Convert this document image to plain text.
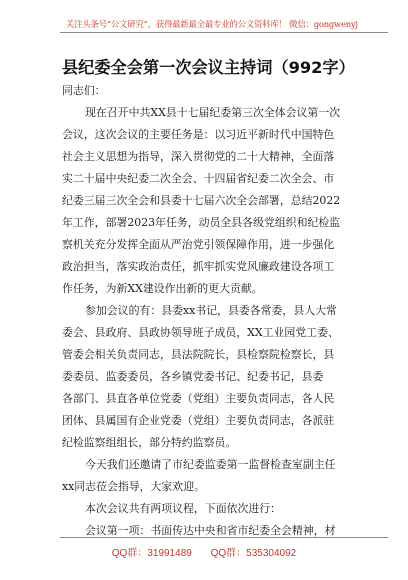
关注头条号“公文研究”，获得最新最全最专业的公文资料库！ 微信：gongwenyj
县纪委全会第一次会议主持词（992字）
同志们：
现在召开中共XX县十七届纪委第三次全体会议第一次
会议，这次会议的主要任务是：以习近平新时代中国特色
社会主义思想为指导，深入贯彻党的二十大精神，全面落
实二十届中央纪委二次全会、十四届省纪委二次全会、市
纪委三届三次全会和县委十七届六次全会部署，总结2022
年工作，部署2023年任务，动员全县各级党组织和纪检监
察机关充分发挥全面从严治党引领保障作用，进一步强化
政治担当，落实政治责任，抓牢抓实党风廉政建设各项工
作任务，为新XX建设作出新的更大贡献。
参加会议的有：县委xx书记，县委各常委，县人大常
委会、县政府、县政协领导班子成员，XX工业园党工委、
管委会相关负责同志，县法院院长，县检察院检察长，县
委委员、监委委员，各乡镇党委书记、纪委书记，县委
各部门、县直各单位党委（党组）主要负责同志，各人民
团体、县属国有企业党委（党组）主要负责同志，各派驻
纪检监察组组长，部分特约监察员。
今天我们还邀请了市纪委监委第一监督检查室副主任
xx同志莅会指导，大家欢迎。
本次会议共有两项议程，下面依次进行：
会议第一项：书面传达中央和省市纪委全会精神，材
QQ群：31991489 QQ群：535304092
